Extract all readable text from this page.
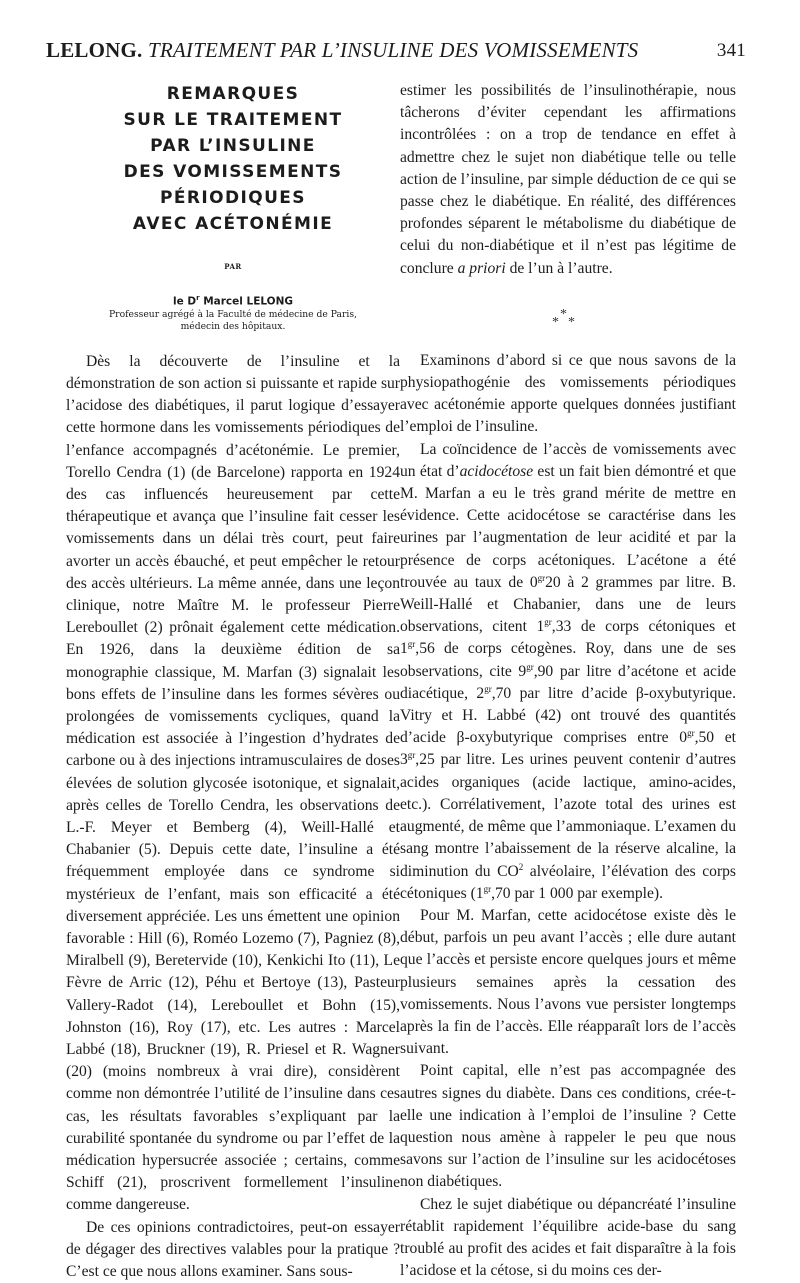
LELONG. TRAITEMENT PAR L’INSULINE DES VOMISSEMENTS	341
REMARQUES
SUR LE TRAITEMENT
PAR L’INSULINE
DES VOMISSEMENTS
PÉRIODIQUES
AVEC ACÉTONÉMIE
PAR
le $D^r$ Marcel LELONG
Professeur agrégé à la Faculté de médecine de Paris,
médecin des hôpitaux.

Dès la découverte de l’insuline et la démonstration de son action si puissante et rapide sur l’acidose des diabétiques, il parut logique d’essayer cette hormone dans les vomissements périodiques de l’enfance accompagnés d’acétonémie. Le premier, Torello Cendra (1) (de Barcelone) rapporta en 1924 des cas influencés heureusement par cette thérapeutique et avança que l’insuline fait cesser les vomissements dans un délai très court, peut faire avorter un accès ébauché, et peut empêcher le retour des accès ultérieurs. La même année, dans une leçon clinique, notre Maître M. le professeur Pierre Lereboullet (2) prônait également cette médication. En 1926, dans la deuxième édition de sa monographie classique, M. Marfan (3) signalait les bons effets de l’insuline dans les formes sévères ou prolongées de vomissements cycliques, quand la médication est associée à l’ingestion d’hydrates de carbone ou à des injections intramusculaires de doses élevées de solution glycosée isotonique, et signalait, après celles de Torello Cendra, les observations de L.-F. Meyer et Bemberg (4), Weill-Hallé et Chabanier (5). Depuis cette date, l’insuline a été fréquemment employée dans ce syndrome si mystérieux de l’enfant, mais son efficacité a été diversement appréciée. Les uns émettent une opinion favorable : Hill (6), Roméo Lozemo (7), Pagniez (8), Miralbell (9), Beretervide (10), Kenkichi Ito (11), Le Fèvre de Arric (12), Péhu et Bertoye (13), Pasteur Vallery-Radot (14), Lereboullet et Bohn (15), Johnston (16), Roy (17), etc. Les autres : Marcel Labbé (18), Bruckner (19), R. Priesel et R. Wagner (20) (moins nombreux à vrai dire), considèrent comme non démontrée l’utilité de l’insuline dans ces cas, les résultats favorables s’expliquant par la curabilité spontanée du syndrome ou par l’effet de la médication hypersucrée associée ; certains, comme Schiff (21), proscrivent formellement l’insuline comme dangereuse.

De ces opinions contradictoires, peut-on essayer de dégager des directives valables pour la pratique ? C’est ce que nous allons examiner. Sans sous-

estimer les possibilités de l’insulinothérapie, nous tâcherons d’éviter cependant les affirmations incontrôlées : on a trop de tendance en effet à admettre chez le sujet non diabétique telle ou telle action de l’insuline, par simple déduction de ce qui se passe chez le diabétique. En réalité, des différences profondes séparent le métabolisme du diabétique de celui du non-diabétique et il n’est pas légitime de conclure a priori de l’un à l’autre.

*
* *

Examinons d’abord si ce que nous savons de la physiopathogénie des vomissements périodiques avec acétonémie apporte quelques données justifiant l’emploi de l’insuline.

La coïncidence de l’accès de vomissements avec un état d’acidocétose est un fait bien démontré et que M. Marfan a eu le très grand mérite de mettre en évidence. Cette acidocétose se caractérise dans les urines par l’augmentation de leur acidité et par la présence de corps acétoniques. L’acétone a été trouvée au taux de $0^{gr}20$ à 2 grammes par litre. B. Weill-Hallé et Chabanier, dans une de leurs observations, citent $1^{gr},33$ de corps cétoniques et $1^{gr},56$ de corps cétogènes. Roy, dans une de ses observations, cite $9^{gr},90$ par litre d’acétone et acide diacétique, $2^{gr},70$ par litre d’acide β-oxybutyrique. Vitry et H. Labbé (42) ont trouvé des quantités d’acide β-oxybutyrique comprises entre $0^{gr},50$ et $3^{gr},25$ par litre. Les urines peuvent contenir d’autres acides organiques (acide lactique, amino-acides, etc.). Corrélativement, l’azote total des urines est augmenté, de même que l’ammoniaque. L’examen du sang montre l’abaissement de la réserve alcaline, la diminution du $CO^2$ alvéolaire, l’élévation des corps cétoniques ($1^{gr},70$ par 1 000 par exemple).

Pour M. Marfan, cette acidocétose existe dès le début, parfois un peu avant l’accès ; elle dure autant que l’accès et persiste encore quelques jours et même plusieurs semaines après la cessation des vomissements. Nous l’avons vue persister longtemps après la fin de l’accès. Elle réapparaît lors de l’accès suivant.

Point capital, elle n’est pas accompagnée des autres signes du diabète. Dans ces conditions, crée-t-elle une indication à l’emploi de l’insuline ? Cette question nous amène à rappeler le peu que nous savons sur l’action de l’insuline sur les acidocétoses non diabétiques.

Chez le sujet diabétique ou dépancréaté l’insuline rétablit rapidement l’équilibre acide-base du sang troublé au profit des acides et fait disparaître à la fois l’acidose et la cétose, si du moins ces der-
